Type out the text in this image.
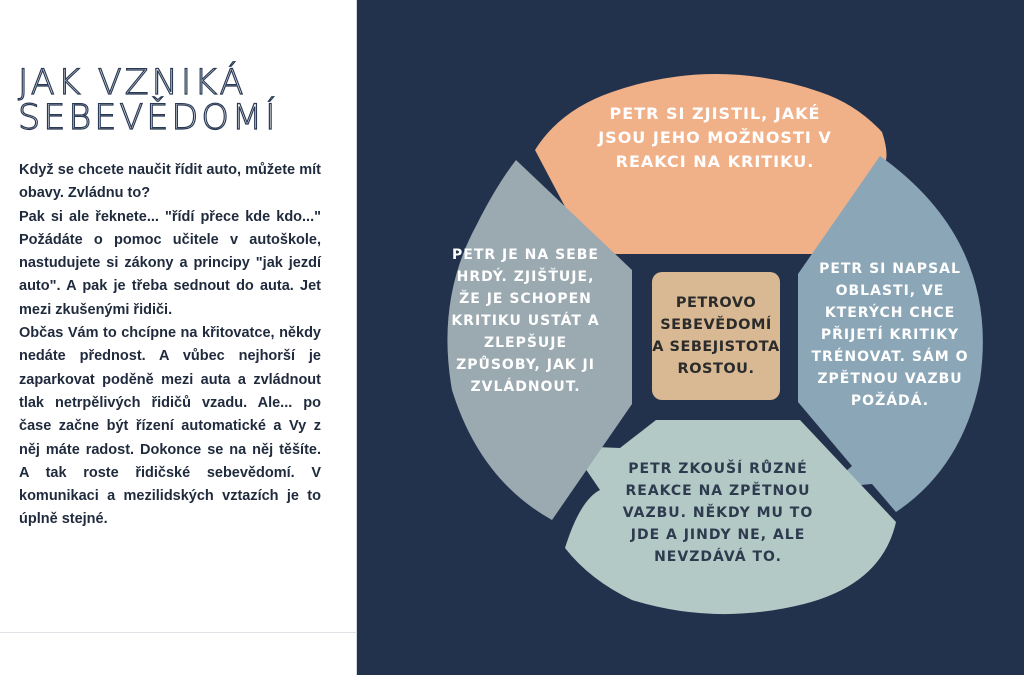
JAK VZNIKÁ
SEBEVĚDOMÍ

Když se chcete naučit řídit auto, můžete mít obavy. Zvládnu to?

Pak si ale řeknete... "řídí přece kde kdo..." Požádáte o pomoc učitele v autoškole, nastudujete si zákony a principy "jak jezdí auto". A pak je třeba sednout do auta. Jet mezi zkušenými řidiči.

Občas Vám to chcípne na křitovatce, někdy nedáte přednost. A vůbec nejhorší je zaparkovat poděně mezi auta a zvládnout tlak netrpělivých řidičů vzadu. Ale... po čase začne být řízení automatické a Vy z něj máte radost. Dokonce se na něj těšíte. A tak roste řidičské sebevědomí. V komunikaci a mezilidských vztazích je to úplně stejné.

PETR SI ZJISTIL, JAKÉ JSOU JEHO MOŽNOSTI V REAKCI NA KRITIKU.
PETR SI NAPSAL OBLASTI, VE KTERÝCH CHCE PŘIJETÍ KRITIKY TRÉNOVAT. SÁM O ZPĚTNOU VAZBU POŽÁDÁ.
PETR ZKOUŠÍ RŮZNÉ REAKCE NA ZPĚTNOU VAZBU. NĚKDY MU TO JDE A JINDY NE, ALE NEVZDÁVÁ TO.
PETR JE NA SEBE HRDÝ. ZJIŠŤUJE, ŽE JE SCHOPEN KRITIKU USTÁT A ZLEPŠUJE ZPŮSOBY, JAK JI ZVLÁDNOUT.
PETROVO SEBEVĚDOMÍ A SEBEJISTOTA ROSTOU.
